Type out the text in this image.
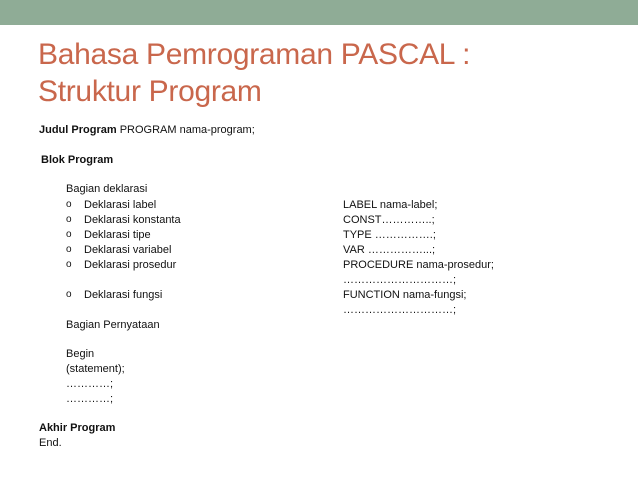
Bahasa Pemrograman PASCAL :
Struktur Program
Judul Program PROGRAM nama-program;
Blok Program
Bagian deklarasi
o Deklarasi label
o Deklarasi konstanta
o Deklarasi tipe
o Deklarasi variabel
o Deklarasi prosedur
o Deklarasi fungsi
LABEL nama-label;
CONST…………..;
TYPE …………….;
VAR ……………...;
PROCEDURE nama-prosedur;
…………………………;
FUNCTION nama-fungsi;
…………………………;
Bagian Pernyataan
Begin
(statement);
…………;
…………;
Akhir Program
End.
